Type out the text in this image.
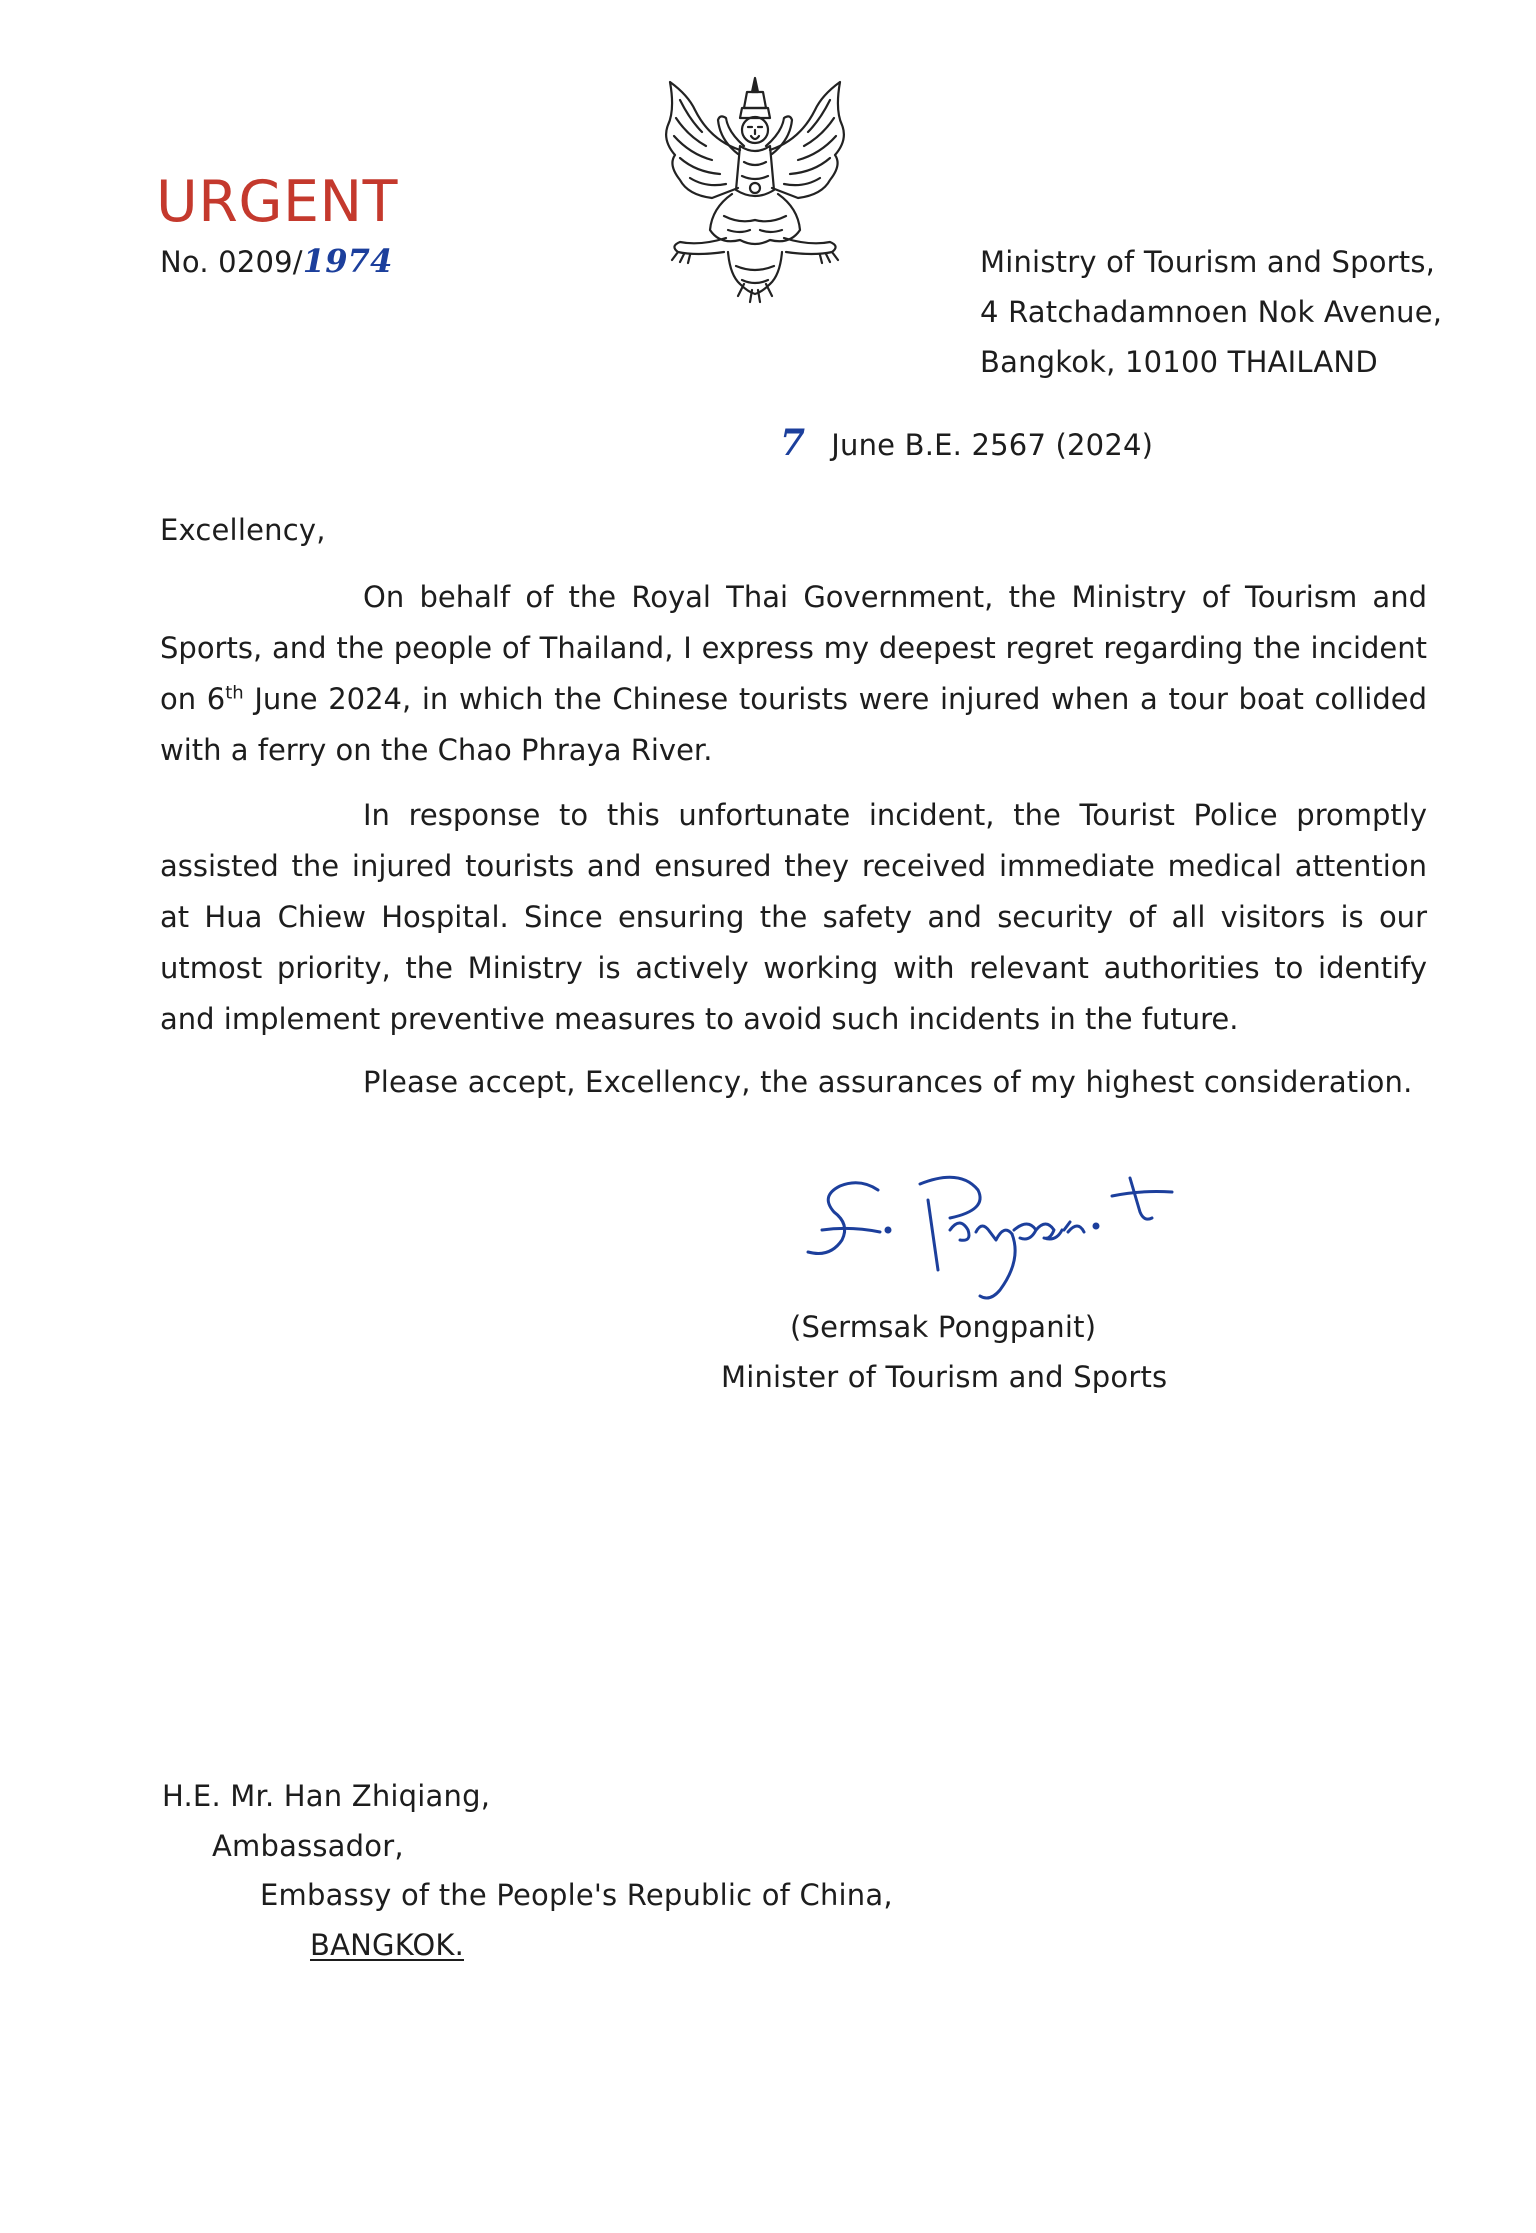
URGENT
No. 0209/1974	Ministry of Tourism and Sports,
4 Ratchadamnoen Nok Avenue,
Bangkok, 10100 THAILAND
7 June B.E. 2567 (2024)
Excellency,

On behalf of the Royal Thai Government, the Ministry of Tourism and Sports, and the people of Thailand, I express my deepest regret regarding the incident on 6th June 2024, in which the Chinese tourists were injured when a tour boat collided with a ferry on the Chao Phraya River.

In response to this unfortunate incident, the Tourist Police promptly assisted the injured tourists and ensured they received immediate medical attention at Hua Chiew Hospital. Since ensuring the safety and security of all visitors is our utmost priority, the Ministry is actively working with relevant authorities to identify and implement preventive measures to avoid such incidents in the future.

Please accept, Excellency, the assurances of my highest consideration.
(Sermsak Pongpanit)
Minister of Tourism and Sports
H.E. Mr. Han Zhiqiang,
Ambassador,
Embassy of the People's Republic of China,
BANGKOK.
